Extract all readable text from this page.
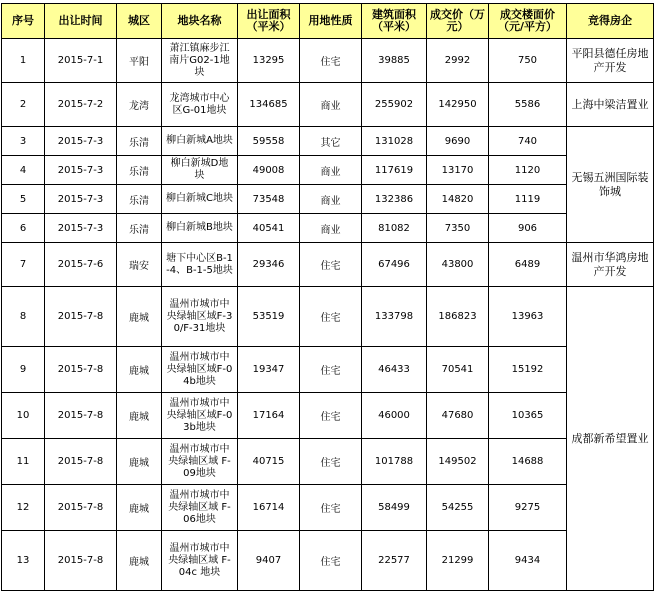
序号	出让时间	城区	地块名称	出让面积（平米）	用地性质	建筑面积（平米）	成交价（万元）	成交楼面价（元/平方）	竞得房企
1	2015-7-1	平阳	萧江镇麻步江南片G02-1地块	13295	住宅	39885	2992	750	平阳县德任房地产开发
2	2015-7-2	龙湾	龙湾城市中心区G-01地块	134685	商业	255902	142950	5586	上海中梁洁置业
3	2015-7-3	乐清	柳白新城A地块	59558	其它	131028	9690	740	无锡五洲国际装饰城
4	2015-7-3	乐清	柳白新城D地块	49008	商业	117619	13170	1120	
5	2015-7-3	乐清	柳白新城C地块	73548	商业	132386	14820	1119	
6	2015-7-3	乐清	柳白新城B地块	40541	商业	81082	7350	906	
7	2015-7-6	瑞安	塘下中心区B-1-4、B-1-5地块	29346	住宅	67496	43800	6489	温州市华鸿房地产开发
8	2015-7-8	鹿城	温州市城市中央绿轴区域F-30/F-31地块	53519	住宅	133798	186823	13963	成都新希望置业
9	2015-7-8	鹿城	温州市城市中央绿轴区域F-04b地块	19347	住宅	46433	70541	15192	
10	2015-7-8	鹿城	温州市城市中央绿轴区域F-03b地块	17164	住宅	46000	47680	10365	
11	2015-7-8	鹿城	温州市城市中央绿轴区域 F-09地块	40715	住宅	101788	149502	14688	
12	2015-7-8	鹿城	温州市城市中央绿轴区域 F-06地块	16714	住宅	58499	54255	9275	
13	2015-7-8	鹿城	温州市城市中央绿轴区域 F-04c 地块	9407	住宅	22577	21299	9434	
